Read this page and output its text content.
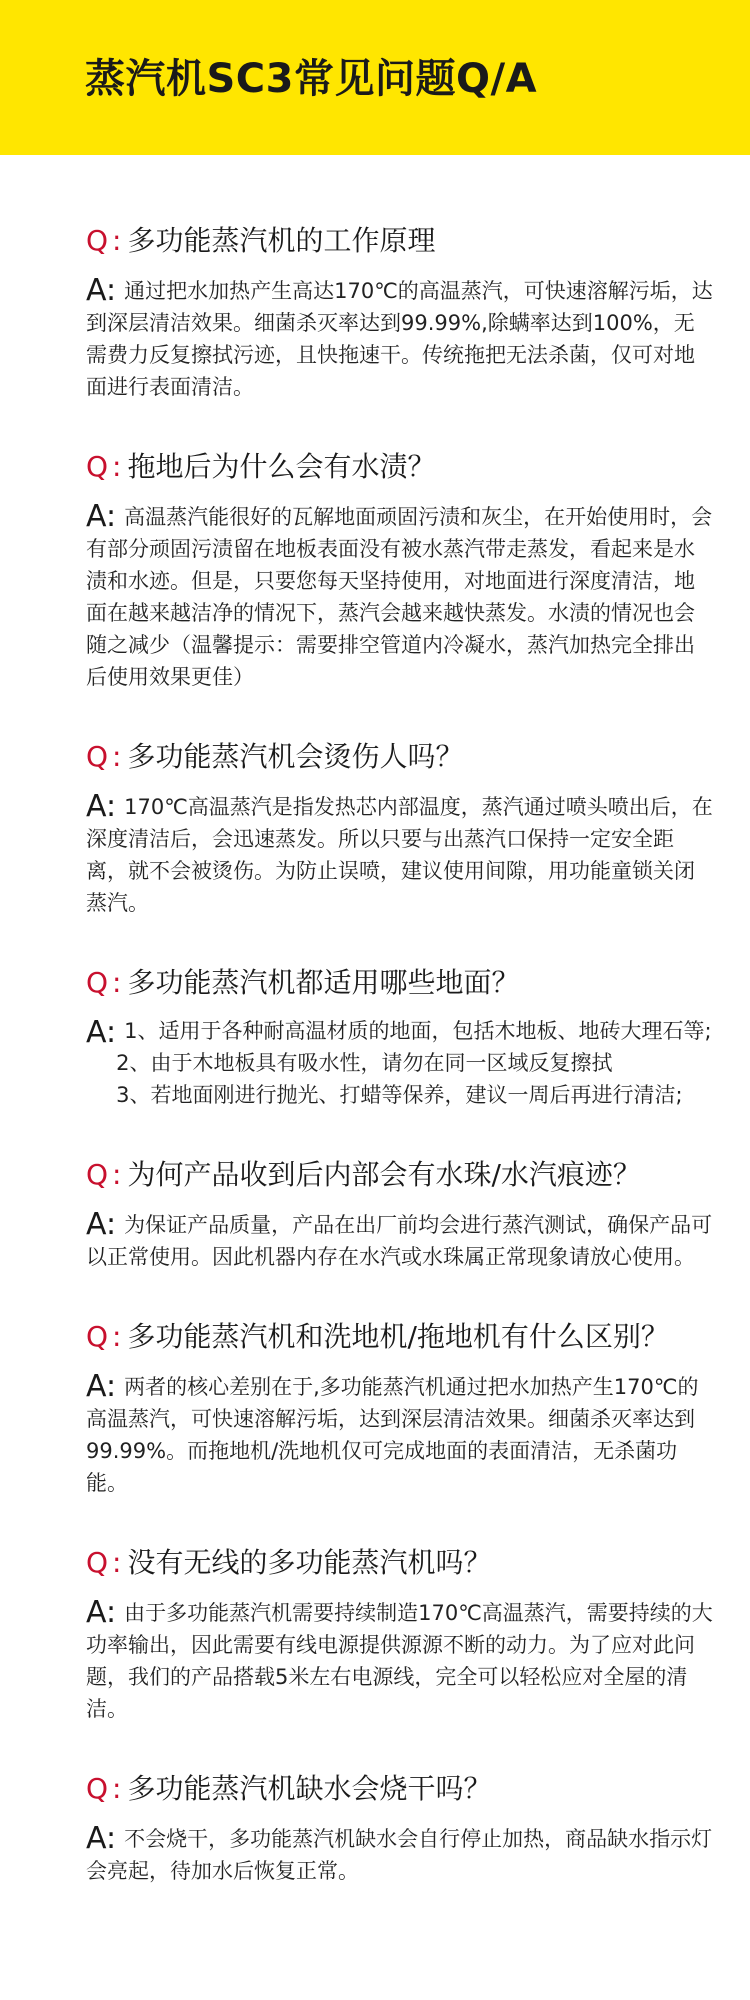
蒸汽机SC3常见问题Q/A
Q : 多功能蒸汽机的工作原理
A: 通过把水加热产生高达170℃的高温蒸汽，可快速溶解污垢，达到深层清洁效果。细菌杀灭率达到99.99%,除螨率达到100%，无需费力反复擦拭污迹，且快拖速干。传统拖把无法杀菌，仅可对地面进行表面清洁。
Q : 拖地后为什么会有水渍？
A: 高温蒸汽能很好的瓦解地面顽固污渍和灰尘，在开始使用时，会有部分顽固污渍留在地板表面没有被水蒸汽带走蒸发，看起来是水渍和水迹。但是，只要您每天坚持使用，对地面进行深度清洁，地面在越来越洁净的情况下，蒸汽会越来越快蒸发。水渍的情况也会随之减少（温馨提示：需要排空管道内冷凝水，蒸汽加热完全排出后使用效果更佳）
Q : 多功能蒸汽机会烫伤人吗？
A: 170℃高温蒸汽是指发热芯内部温度，蒸汽通过喷头喷出后，在深度清洁后，会迅速蒸发。所以只要与出蒸汽口保持一定安全距离，就不会被烫伤。为防止误喷，建议使用间隙，用功能童锁关闭蒸汽。
Q : 多功能蒸汽机都适用哪些地面？
A: 1、 适用于各种耐高温材质的地面，包括木地板、地砖大理石等;
2、 由于木地板具有吸水性，请勿在同一区域反复擦拭
3、 若地面刚进行抛光、打蜡等保养，建议一周后再进行清洁;
Q : 为何产品收到后内部会有水珠/水汽痕迹？
A: 为保证产品质量，产品在出厂前均会进行蒸汽测试，确保产品可以正常使用。因此机器内存在水汽或水珠属正常现象请放心使用。
Q : 多功能蒸汽机和洗地机/拖地机有什么区别？
A: 两者的核心差别在于,多功能蒸汽机通过把水加热产生170℃的高温蒸汽，可快速溶解污垢，达到深层清洁效果。细菌杀灭率达到99.99%。而拖地机/洗地机仅可完成地面的表面清洁，无杀菌功能。
Q : 没有无线的多功能蒸汽机吗？
A: 由于多功能蒸汽机需要持续制造170℃高温蒸汽，需要持续的大功率输出，因此需要有线电源提供源源不断的动力。为了应对此问题，我们的产品搭载5米左右电源线，完全可以轻松应对全屋的清洁。
Q : 多功能蒸汽机缺水会烧干吗？
A: 不会烧干，多功能蒸汽机缺水会自行停止加热，商品缺水指示灯会亮起，待加水后恢复正常。
